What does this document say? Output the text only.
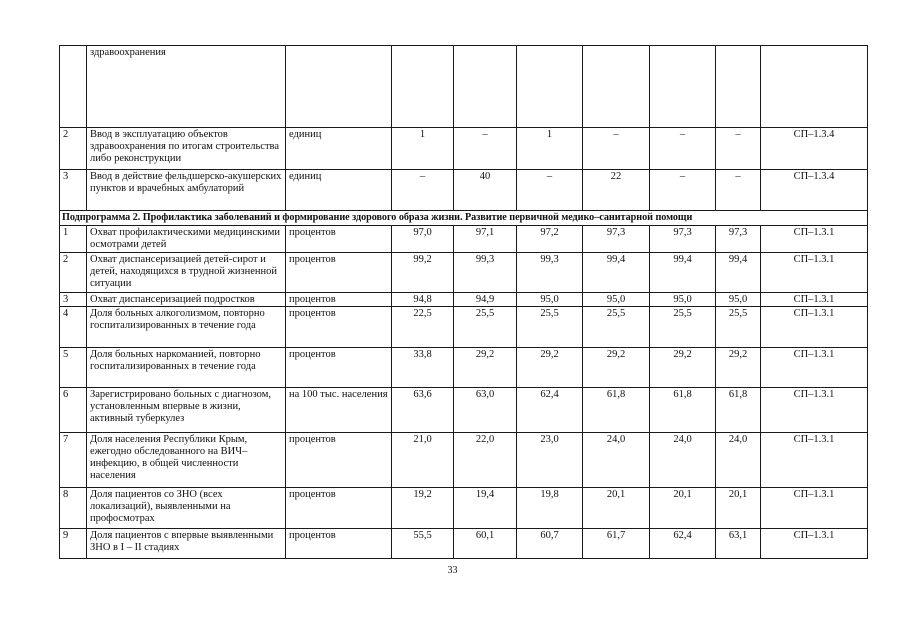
	здравоохранения								
2	Ввод в эксплуатацию объектов здравоохранения по итогам строительства либо реконструкции	единиц	1	–	1	–	–	–	СП–1.3.4
3	Ввод в действие фельдшерско-акушерских пунктов и врачебных амбулаторий	единиц	–	40	–	22	–	–	СП–1.3.4
Подпрограмма 2. Профилактика заболеваний и формирование здорового образа жизни. Развитие первичной медико–санитарной помощи									
1	Охват профилактическими медицинскими осмотрами детей	процентов	97,0	97,1	97,2	97,3	97,3	97,3	СП–1.3.1
2	Охват диспансеризацией детей-сирот и детей, находящихся в трудной жизненной ситуации	процентов	99,2	99,3	99,3	99,4	99,4	99,4	СП–1.3.1
3	Охват диспансеризацией подростков	процентов	94,8	94,9	95,0	95,0	95,0	95,0	СП–1.3.1
4	Доля больных алкоголизмом, повторно госпитализированных в течение года	процентов	22,5	25,5	25,5	25,5	25,5	25,5	СП–1.3.1
5	Доля больных наркоманией, повторно госпитализированных в течение года	процентов	33,8	29,2	29,2	29,2	29,2	29,2	СП–1.3.1
6	Зарегистрировано больных с диагнозом, установленным впервые в жизни, активный туберкулез	на 100 тыс. населения	63,6	63,0	62,4	61,8	61,8	61,8	СП–1.3.1
7	Доля населения Республики Крым, ежегодно обследованного на ВИЧ–инфекцию, в общей численности населения	процентов	21,0	22,0	23,0	24,0	24,0	24,0	СП–1.3.1
8	Доля пациентов со ЗНО (всех локализаций), выявленными на профосмотрах	процентов	19,2	19,4	19,8	20,1	20,1	20,1	СП–1.3.1
9	Доля пациентов с впервые выявленными ЗНО в I – II стадиях	процентов	55,5	60,1	60,7	61,7	62,4	63,1	СП–1.3.1
33
